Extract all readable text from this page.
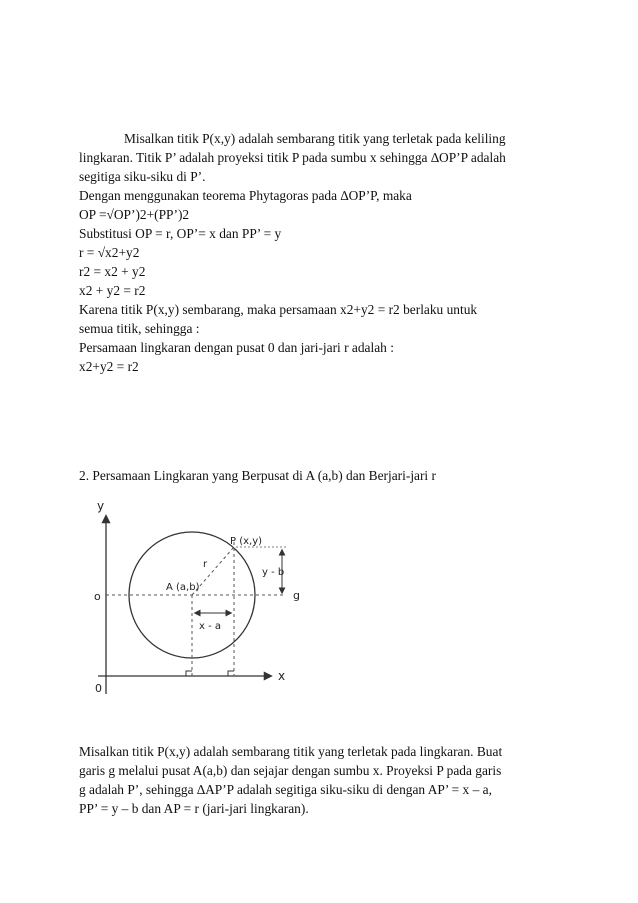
Misalkan titik P(x,y) adalah sembarang titik yang terletak pada keliling
lingkaran. Titik P’ adalah proyeksi titik P pada sumbu x sehingga ∆OP’P adalah
segitiga siku-siku di P’.
Dengan menggunakan teorema Phytagoras pada ∆OP’P, maka
OP =√OP’)2+(PP’)2
Substitusi OP = r, OP’= x dan PP’ = y
r = √x2+y2
r2 = x2 + y2
x2 + y2 = r2
Karena titik P(x,y) sembarang, maka persamaan x2+y2 = r2 berlaku untuk
semua titik, sehingga :
Persamaan lingkaran dengan pusat 0 dan jari-jari r adalah :
x2+y2 = r2
2. Persamaan Lingkaran yang Berpusat di A (a,b) dan Berjari-jari r
y
x
0
o	g
r
P (x,y)
A (a,b)
y - b
x - a
Misalkan titik P(x,y) adalah sembarang titik yang terletak pada lingkaran. Buat
garis g melalui pusat A(a,b) dan sejajar dengan sumbu x. Proyeksi P pada garis
g adalah P’, sehingga ∆AP’P adalah segitiga siku-siku di dengan AP’ = x – a,
PP’ = y – b dan AP = r (jari-jari lingkaran).
